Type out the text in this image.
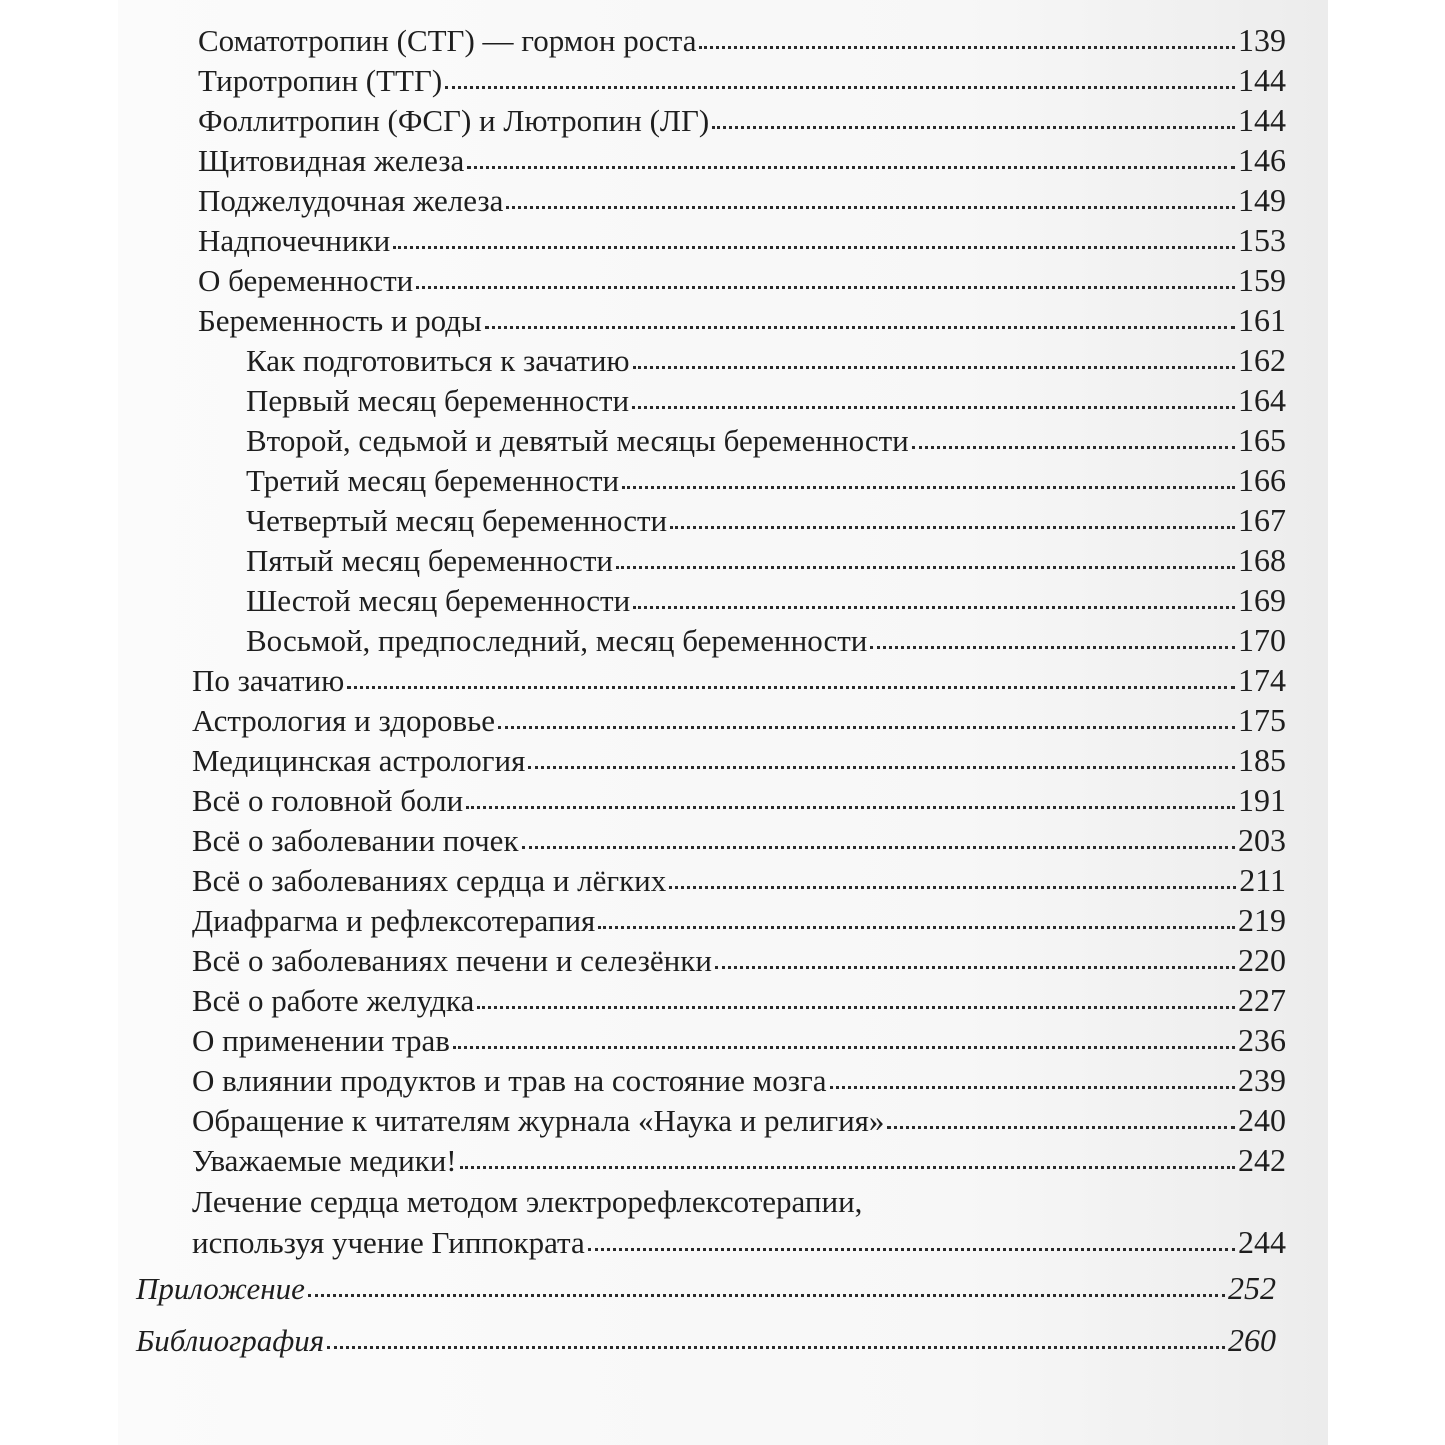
Соматотропин (СТГ) — гормон роста	139
Тиротропин (ТТГ)	144
Фоллитропин (ФСГ) и Лютропин (ЛГ)	144
Щитовидная железа	146
Поджелудочная железа	149
Надпочечники	153
О беременности	159
Беременность и роды	161
Как подготовиться к зачатию	162
Первый месяц беременности	164
Второй, седьмой и девятый месяцы беременности	165
Третий месяц беременности	166
Четвертый месяц беременности	167
Пятый месяц беременности	168
Шестой месяц беременности	169
Восьмой, предпоследний, месяц беременности	170
По зачатию	174
Астрология и здоровье	175
Медицинская астрология	185
Всё о головной боли	191
Всё о заболевании почек	203
Всё о заболеваниях сердца и лёгких	211
Диафрагма и рефлексотерапия	219
Всё о заболеваниях печени и селезёнки	220
Всё о работе желудка	227
О применении трав	236
О влиянии продуктов и трав на состояние мозга	239
Обращение к читателям журнала «Наука и религия»	240
Уважаемые медики!	242
Лечение сердца методом электрорефлексотерапии,
используя учение Гиппократа	244
Приложение	252
Библиография	260
